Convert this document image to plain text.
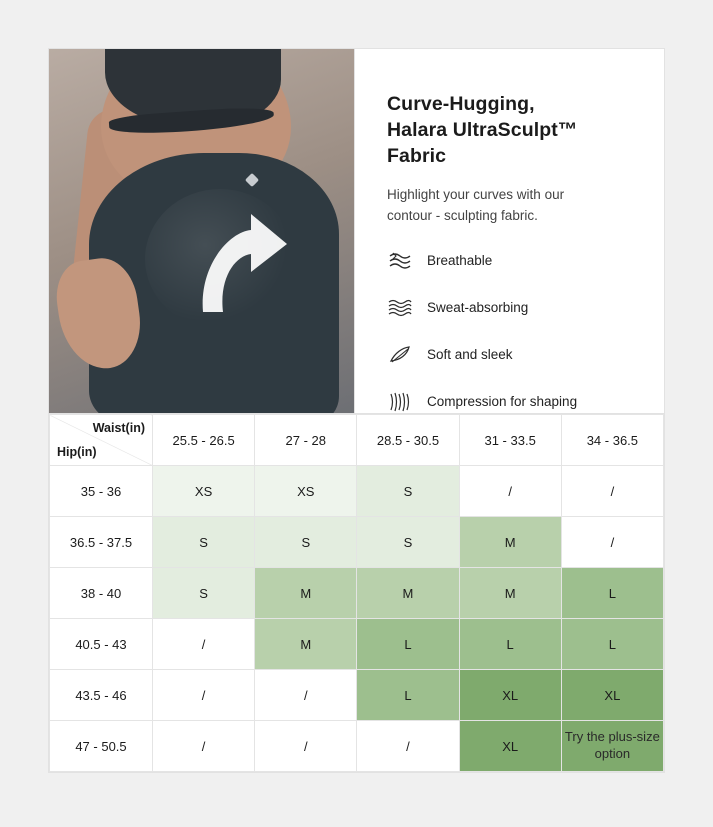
Curve-Hugging,
Halara UltraSculpt™ Fabric

Highlight your curves with our
contour - sculpting fabric.

Breathable
Sweat-absorbing
Soft and sleek
Compression for shaping
Waist(in)
Hip(in)	25.5 - 26.5	27 - 28	28.5 - 30.5	31 - 33.5	34 - 36.5
35 - 36	XS	XS	S	/	/
36.5 - 37.5	S	S	S	M	/
38 - 40	S	M	M	M	L
40.5 - 43	/	M	L	L	L
43.5 - 46	/	/	L	XL	XL
47 - 50.5	/	/	/	XL	Try the plus-size option
